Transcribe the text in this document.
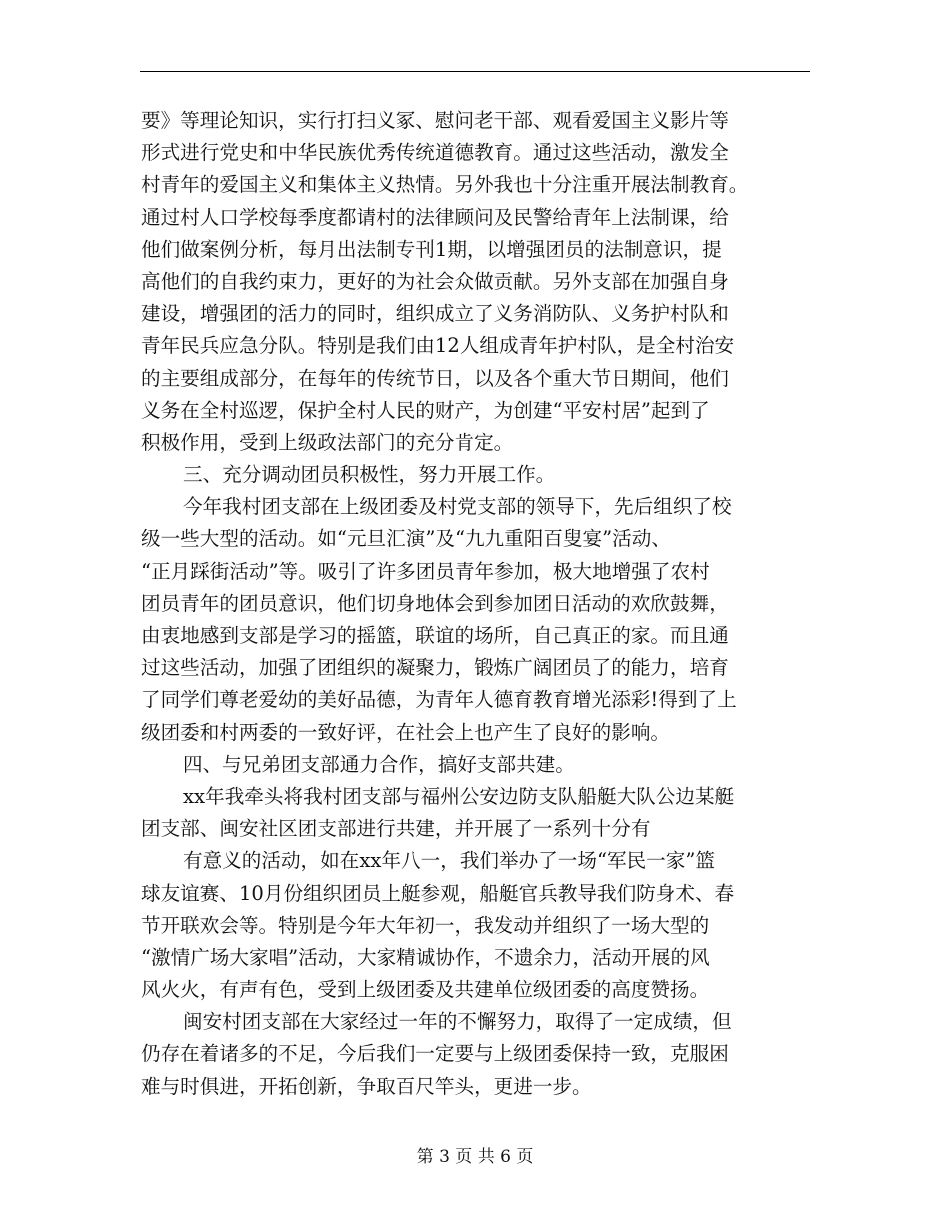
要》等理论知识，实行打扫义冢、慰问老干部、观看爱国主义影片等
形式进行党史和中华民族优秀传统道德教育。通过这些活动，激发全
村青年的爱国主义和集体主义热情。另外我也十分注重开展法制教育。
通过村人口学校每季度都请村的法律顾问及民警给青年上法制课，给
他们做案例分析，每月出法制专刊1期，以增强团员的法制意识，提
高他们的自我约束力，更好的为社会众做贡献。另外支部在加强自身
建设，增强团的活力的同时，组织成立了义务消防队、义务护村队和
青年民兵应急分队。特别是我们由12人组成青年护村队，是全村治安
的主要组成部分，在每年的传统节日，以及各个重大节日期间，他们
义务在全村巡逻，保护全村人民的财产，为创建“平安村居”起到了
积极作用，受到上级政法部门的充分肯定。
三、充分调动团员积极性，努力开展工作。
今年我村团支部在上级团委及村党支部的领导下，先后组织了校
级一些大型的活动。如“元旦汇演”及“九九重阳百叟宴”活动、
“正月踩街活动”等。吸引了许多团员青年参加，极大地增强了农村
团员青年的团员意识，他们切身地体会到参加团日活动的欢欣鼓舞，
由衷地感到支部是学习的摇篮，联谊的场所，自己真正的家。而且通
过这些活动，加强了团组织的凝聚力，锻炼广阔团员了的能力，培育
了同学们尊老爱幼的美好品德，为青年人德育教育增光添彩!得到了上
级团委和村两委的一致好评，在社会上也产生了良好的影响。
四、与兄弟团支部通力合作，搞好支部共建。
xx年我牵头将我村团支部与福州公安边防支队船艇大队公边某艇
团支部、闽安社区团支部进行共建，并开展了一系列十分有
有意义的活动，如在xx年八一，我们举办了一场“军民一家”篮
球友谊赛、10月份组织团员上艇参观，船艇官兵教导我们防身术、春
节开联欢会等。特别是今年大年初一，我发动并组织了一场大型的
“激情广场大家唱”活动，大家精诚协作，不遗余力，活动开展的风
风火火，有声有色，受到上级团委及共建单位级团委的高度赞扬。
闽安村团支部在大家经过一年的不懈努力，取得了一定成绩，但
仍存在着诸多的不足，今后我们一定要与上级团委保持一致，克服困
难与时俱进，开拓创新，争取百尺竿头，更进一步。
第 3 页 共 6 页
